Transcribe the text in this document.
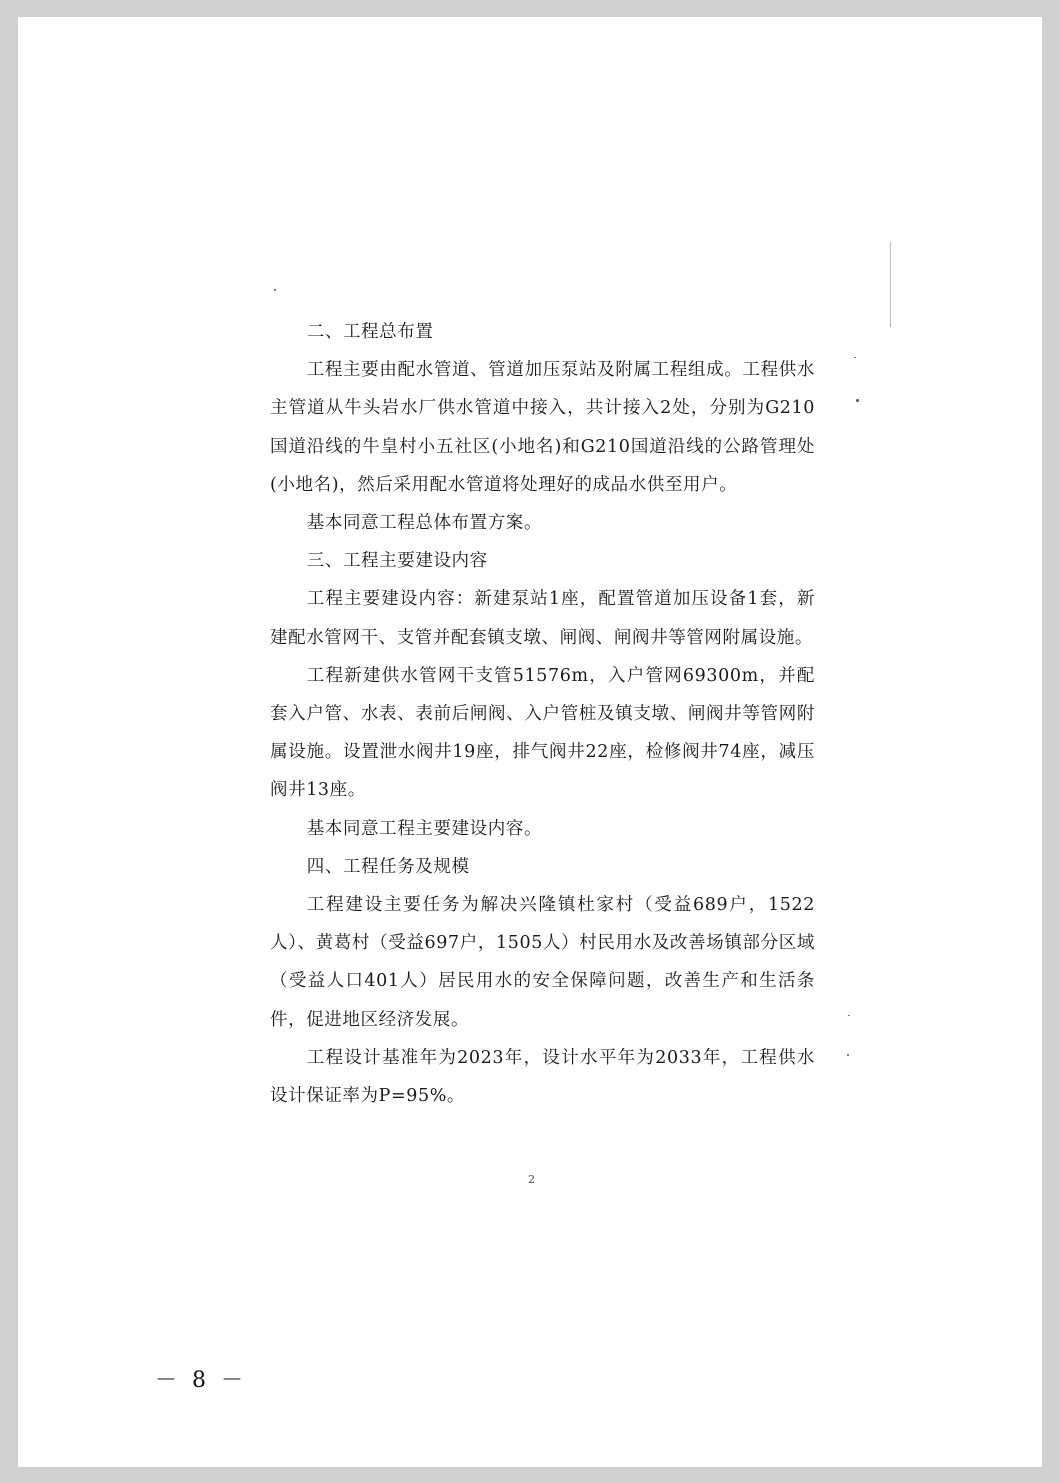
二、工程总布置

工程主要由配水管道、管道加压泵站及附属工程组成。工程供水主管道从牛头岩水厂供水管道中接入，共计接入2处，分别为G210国道沿线的牛皇村小五社区(小地名)和G210国道沿线的公路管理处(小地名)，然后采用配水管道将处理好的成品水供至用户。

基本同意工程总体布置方案。

三、工程主要建设内容

工程主要建设内容：新建泵站1座，配置管道加压设备1套，新建配水管网干、支管并配套镇支墩、闸阀、闸阀井等管网附属设施。

工程新建供水管网干支管51576m，入户管网69300m，并配套入户管、水表、表前后闸阀、入户管桩及镇支墩、闸阀井等管网附属设施。设置泄水阀井19座，排气阀井22座，检修阀井74座，减压阀井13座。

基本同意工程主要建设内容。

四、工程任务及规模

工程建设主要任务为解决兴隆镇杜家村（受益689户，1522人）、黄葛村（受益697户，1505人）村民用水及改善场镇部分区域（受益人口401人）居民用水的安全保障问题，改善生产和生活条件，促进地区经济发展。

工程设计基准年为2023年，设计水平年为2033年，工程供水设计保证率为P=95%。

2
－ 8 －
